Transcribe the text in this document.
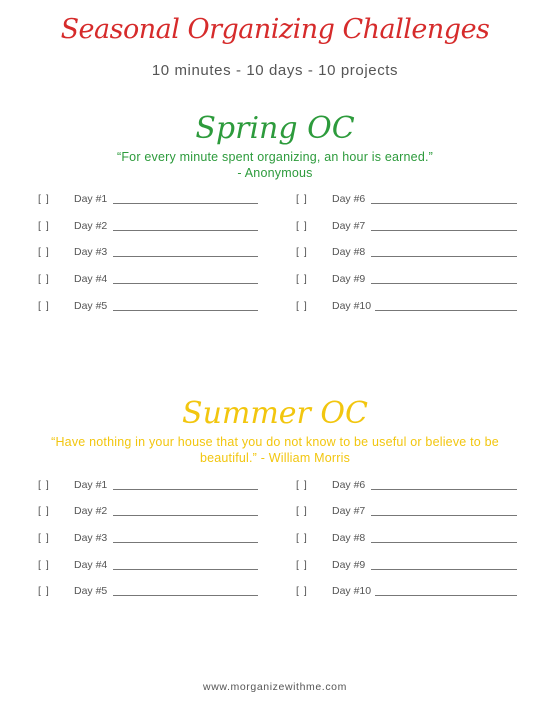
Seasonal Organizing Challenges
10 minutes - 10 days - 10 projects
Spring OC
“For every minute spent organizing, an hour is earned.”
- Anonymous
[ ] Day #1
[ ] Day #2
[ ] Day #3
[ ] Day #4
[ ] Day #5
[ ] Day #6
[ ] Day #7
[ ] Day #8
[ ] Day #9
[ ] Day #10
Summer OC
“Have nothing in your house that you do not know to be useful or believe to be beautiful.” - William Morris
[ ] Day #1
[ ] Day #2
[ ] Day #3
[ ] Day #4
[ ] Day #5
[ ] Day #6
[ ] Day #7
[ ] Day #8
[ ] Day #9
[ ] Day #10
www.morganizewithme.com
